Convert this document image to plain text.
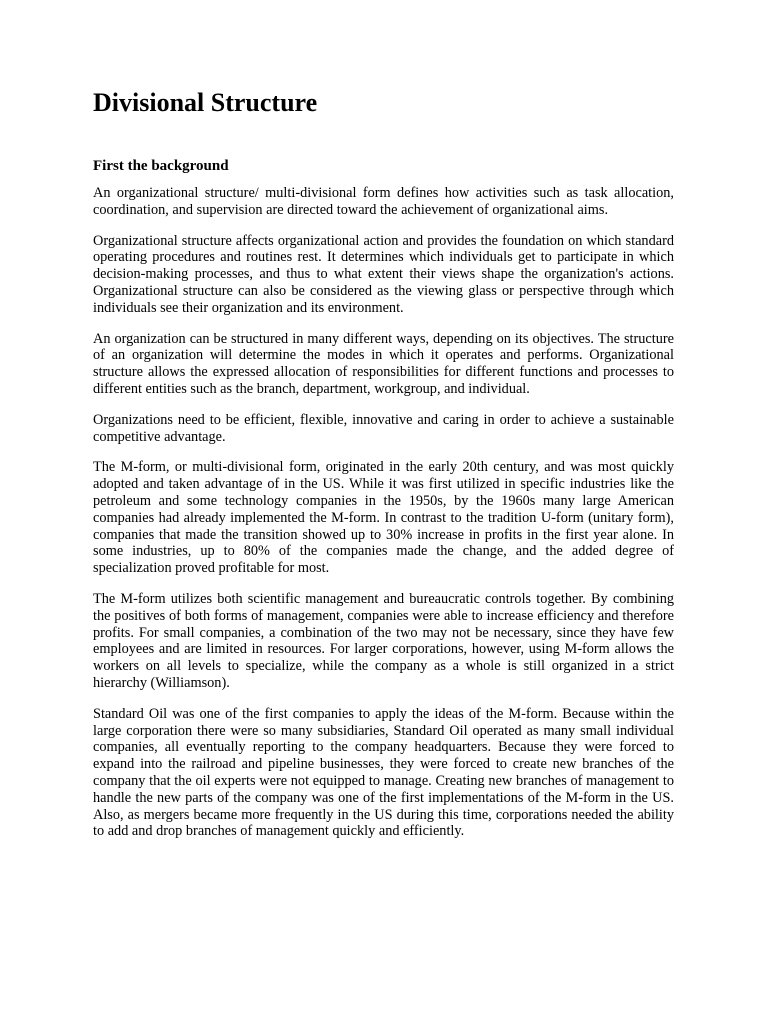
Divisional Structure
First the background

An organizational structure/ multi-divisional form defines how activities such as task allocation, coordination, and supervision are directed toward the achievement of organizational aims.

Organizational structure affects organizational action and provides the foundation on which standard operating procedures and routines rest. It determines which individuals get to participate in which decision-making processes, and thus to what extent their views shape the organization's actions. Organizational structure can also be considered as the viewing glass or perspective through which individuals see their organization and its environment.

An organization can be structured in many different ways, depending on its objectives. The structure of an organization will determine the modes in which it operates and performs. Organizational structure allows the expressed allocation of responsibilities for different functions and processes to different entities such as the branch, department, workgroup, and individual.

Organizations need to be efficient, flexible, innovative and caring in order to achieve a sustainable competitive advantage.

The M-form, or multi-divisional form, originated in the early 20th century, and was most quickly adopted and taken advantage of in the US. While it was first utilized in specific industries like the petroleum and some technology companies in the 1950s, by the 1960s many large American companies had already implemented the M-form. In contrast to the tradition U-form (unitary form), companies that made the transition showed up to 30% increase in profits in the first year alone. In some industries, up to 80% of the companies made the change, and the added degree of specialization proved profitable for most.

The M-form utilizes both scientific management and bureaucratic controls together. By combining the positives of both forms of management, companies were able to increase efficiency and therefore profits. For small companies, a combination of the two may not be necessary, since they have few employees and are limited in resources. For larger corporations, however, using M-form allows the workers on all levels to specialize, while the company as a whole is still organized in a strict hierarchy (Williamson).

Standard Oil was one of the first companies to apply the ideas of the M-form. Because within the large corporation there were so many subsidiaries, Standard Oil operated as many small individual companies, all eventually reporting to the company headquarters. Because they were forced to expand into the railroad and pipeline businesses, they were forced to create new branches of the company that the oil experts were not equipped to manage. Creating new branches of management to handle the new parts of the company was one of the first implementations of the M-form in the US. Also, as mergers became more frequently in the US during this time, corporations needed the ability to add and drop branches of management quickly and efficiently.
